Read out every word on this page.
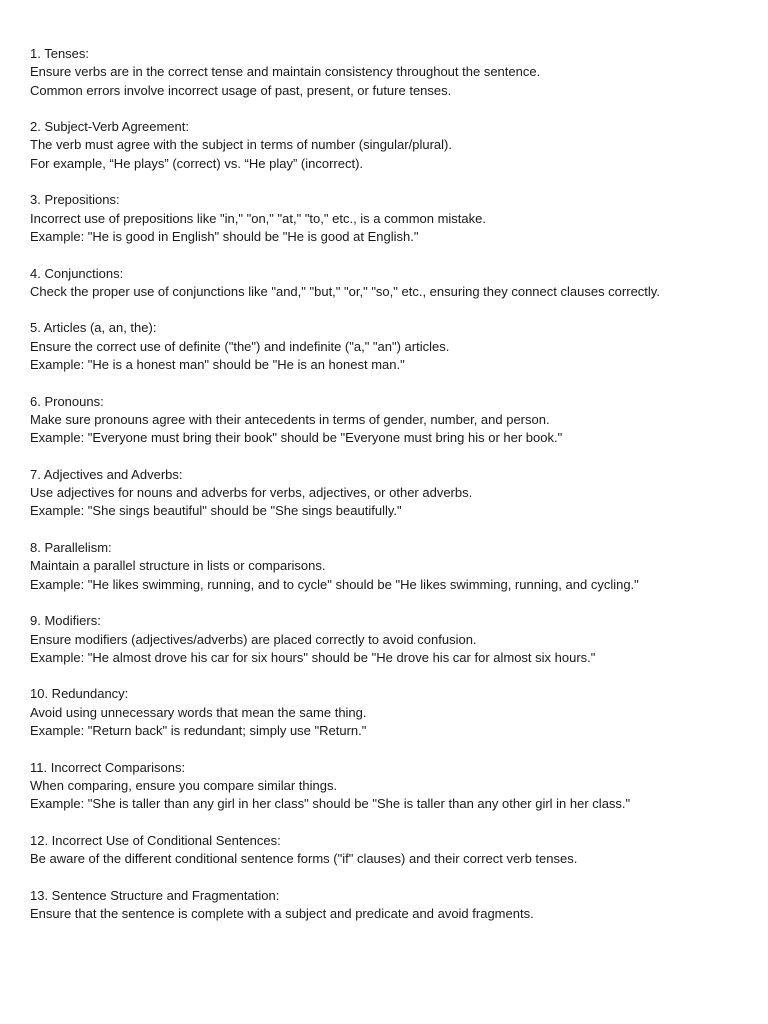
1. Tenses:
Ensure verbs are in the correct tense and maintain consistency throughout the sentence.
Common errors involve incorrect usage of past, present, or future tenses.
2. Subject-Verb Agreement:
The verb must agree with the subject in terms of number (singular/plural).
For example, “He plays” (correct) vs. “He play” (incorrect).
3. Prepositions:
Incorrect use of prepositions like "in," "on," "at," "to," etc., is a common mistake.
Example: "He is good in English" should be "He is good at English."
4. Conjunctions:
Check the proper use of conjunctions like "and," "but," "or," "so," etc., ensuring they connect clauses correctly.
5. Articles (a, an, the):
Ensure the correct use of definite ("the") and indefinite ("a," "an") articles.
Example: "He is a honest man" should be "He is an honest man."
6. Pronouns:
Make sure pronouns agree with their antecedents in terms of gender, number, and person.
Example: "Everyone must bring their book" should be "Everyone must bring his or her book."
7. Adjectives and Adverbs:
Use adjectives for nouns and adverbs for verbs, adjectives, or other adverbs.
Example: "She sings beautiful" should be "She sings beautifully."
8. Parallelism:
Maintain a parallel structure in lists or comparisons.
Example: "He likes swimming, running, and to cycle" should be "He likes swimming, running, and cycling."
9. Modifiers:
Ensure modifiers (adjectives/adverbs) are placed correctly to avoid confusion.
Example: "He almost drove his car for six hours" should be "He drove his car for almost six hours."
10. Redundancy:
Avoid using unnecessary words that mean the same thing.
Example: "Return back" is redundant; simply use "Return."
11. Incorrect Comparisons:
When comparing, ensure you compare similar things.
Example: "She is taller than any girl in her class" should be "She is taller than any other girl in her class."
12. Incorrect Use of Conditional Sentences:
Be aware of the different conditional sentence forms ("if" clauses) and their correct verb tenses.
13. Sentence Structure and Fragmentation:
Ensure that the sentence is complete with a subject and predicate and avoid fragments.
